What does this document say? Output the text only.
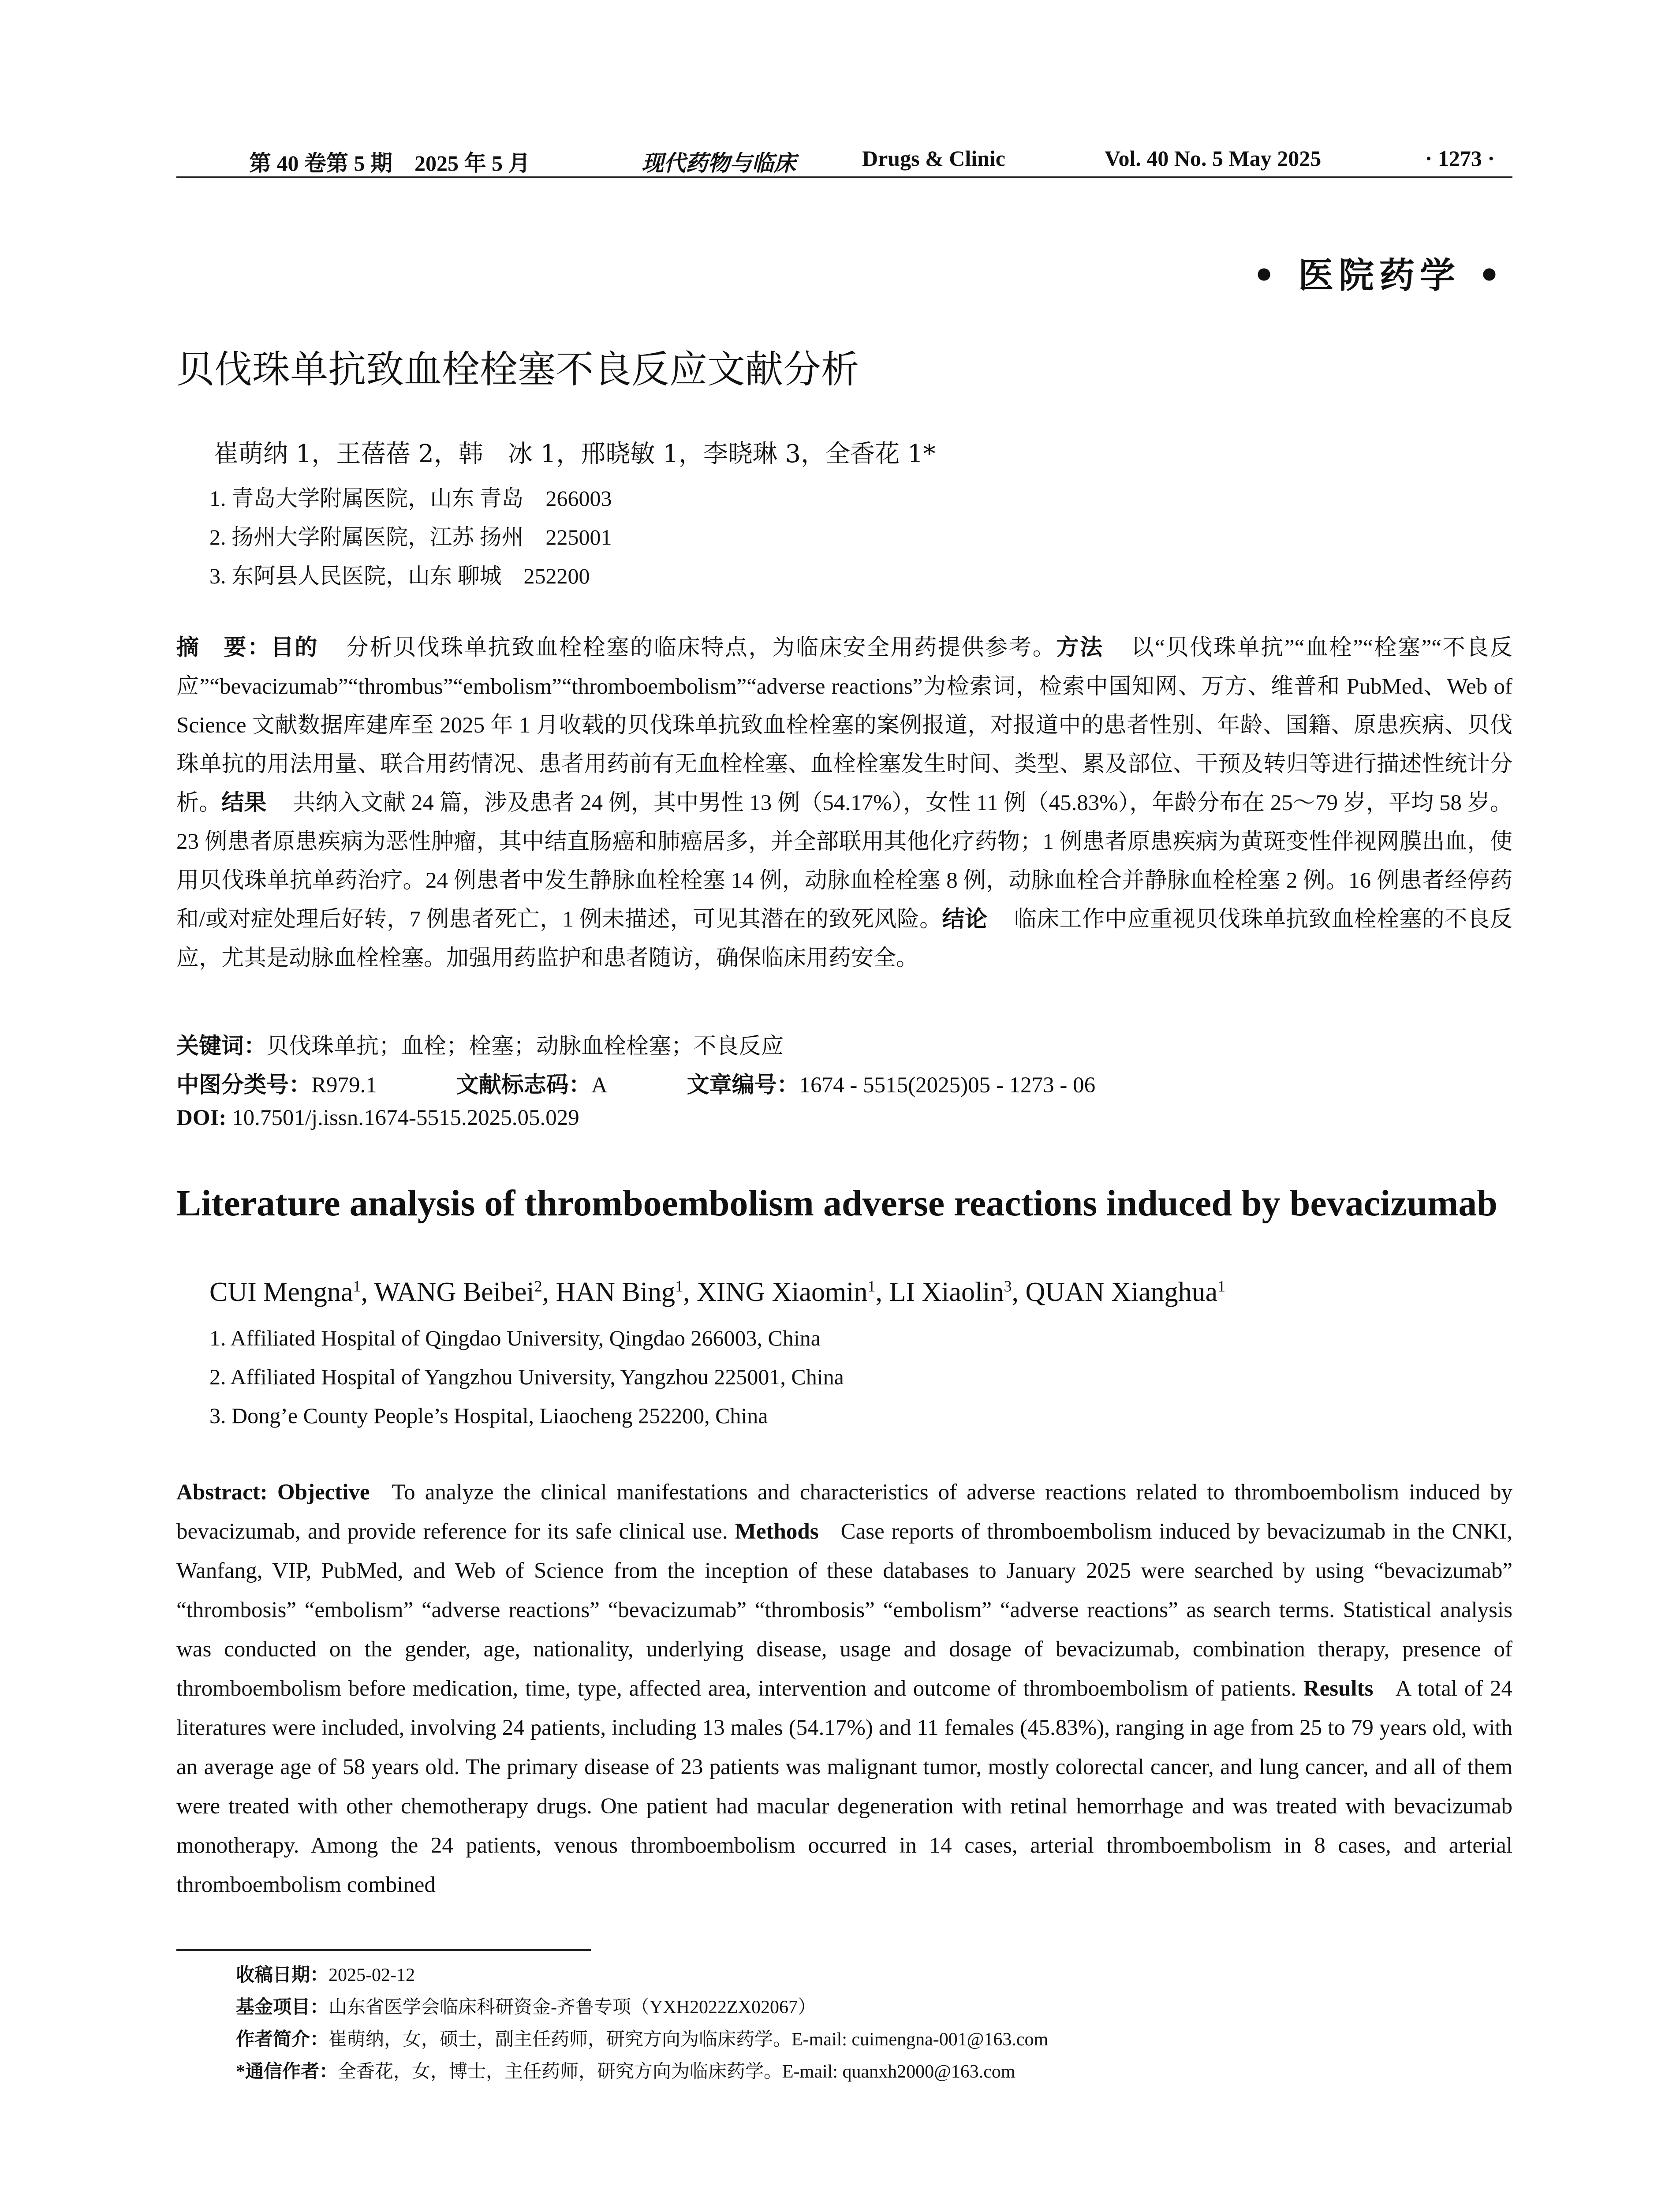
第 40 卷第 5 期　2025 年 5 月	现代药物与临床	Drugs & Clinic	Vol. 40 No. 5 May 2025	· 1273 ·
• 医院药学 •
贝伐珠单抗致血栓栓塞不良反应文献分析
崔萌纳 1，王蓓蓓 2，韩　冰 1，邢晓敏 1，李晓琳 3，全香花 1*
1. 青岛大学附属医院，山东 青岛　266003
2. 扬州大学附属医院，江苏 扬州　225001
3. 东阿县人民医院，山东 聊城　252200
摘　要：目的 分析贝伐珠单抗致血栓栓塞的临床特点，为临床安全用药提供参考。方法 以“贝伐珠单抗”“血栓”“栓塞”“不良反应”“bevacizumab”“thrombus”“embolism”“thromboembolism”“adverse reactions”为检索词，检索中国知网、万方、维普和 PubMed、Web of Science 文献数据库建库至 2025 年 1 月收载的贝伐珠单抗致血栓栓塞的案例报道，对报道中的患者性别、年龄、国籍、原患疾病、贝伐珠单抗的用法用量、联合用药情况、患者用药前有无血栓栓塞、血栓栓塞发生时间、类型、累及部位、干预及转归等进行描述性统计分析。结果 共纳入文献 24 篇，涉及患者 24 例，其中男性 13 例（54.17%），女性 11 例（45.83%），年龄分布在 25～79 岁，平均 58 岁。23 例患者原患疾病为恶性肿瘤，其中结直肠癌和肺癌居多，并全部联用其他化疗药物；1 例患者原患疾病为黄斑变性伴视网膜出血，使用贝伐珠单抗单药治疗。24 例患者中发生静脉血栓栓塞 14 例，动脉血栓栓塞 8 例，动脉血栓合并静脉血栓栓塞 2 例。16 例患者经停药和/或对症处理后好转，7 例患者死亡，1 例未描述，可见其潜在的致死风险。结论 临床工作中应重视贝伐珠单抗致血栓栓塞的不良反应，尤其是动脉血栓栓塞。加强用药监护和患者随访，确保临床用药安全。
关键词：贝伐珠单抗；血栓；栓塞；动脉血栓栓塞；不良反应
中图分类号：R979.1	文献标志码：A	文章编号：1674 - 5515(2025)05 - 1273 - 06
DOI: 10.7501/j.issn.1674-5515.2025.05.029
Literature analysis of thromboembolism adverse reactions induced by bevacizumab
CUI Mengna$^1$, WANG Beibei$^2$, HAN Bing$^1$, XING Xiaomin$^1$, LI Xiaolin$^3$, QUAN Xianghua$^1$
1. Affiliated Hospital of Qingdao University, Qingdao 266003, China
2. Affiliated Hospital of Yangzhou University, Yangzhou 225001, China
3. Dong’e County People’s Hospital, Liaocheng 252200, China
Abstract: Objective To analyze the clinical manifestations and characteristics of adverse reactions related to thromboembolism induced by bevacizumab, and provide reference for its safe clinical use. Methods Case reports of thromboembolism induced by bevacizumab in the CNKI, Wanfang, VIP, PubMed, and Web of Science from the inception of these databases to January 2025 were searched by using “bevacizumab” “thrombosis” “embolism” “adverse reactions” “bevacizumab” “thrombosis” “embolism” “adverse reactions” as search terms. Statistical analysis was conducted on the gender, age, nationality, underlying disease, usage and dosage of bevacizumab, combination therapy, presence of thromboembolism before medication, time, type, affected area, intervention and outcome of thromboembolism of patients. Results A total of 24 literatures were included, involving 24 patients, including 13 males (54.17%) and 11 females (45.83%), ranging in age from 25 to 79 years old, with an average age of 58 years old. The primary disease of 23 patients was malignant tumor, mostly colorectal cancer, and lung cancer, and all of them were treated with other chemotherapy drugs. One patient had macular degeneration with retinal hemorrhage and was treated with bevacizumab monotherapy. Among the 24 patients, venous thromboembolism occurred in 14 cases, arterial thromboembolism in 8 cases, and arterial thromboembolism combined
收稿日期：2025-02-12
基金项目：山东省医学会临床科研资金-齐鲁专项（YXH2022ZX02067）
作者简介：崔萌纳，女，硕士，副主任药师，研究方向为临床药学。E-mail: cuimengna-001@163.com
*通信作者：全香花，女，博士，主任药师，研究方向为临床药学。E-mail: quanxh2000@163.com
